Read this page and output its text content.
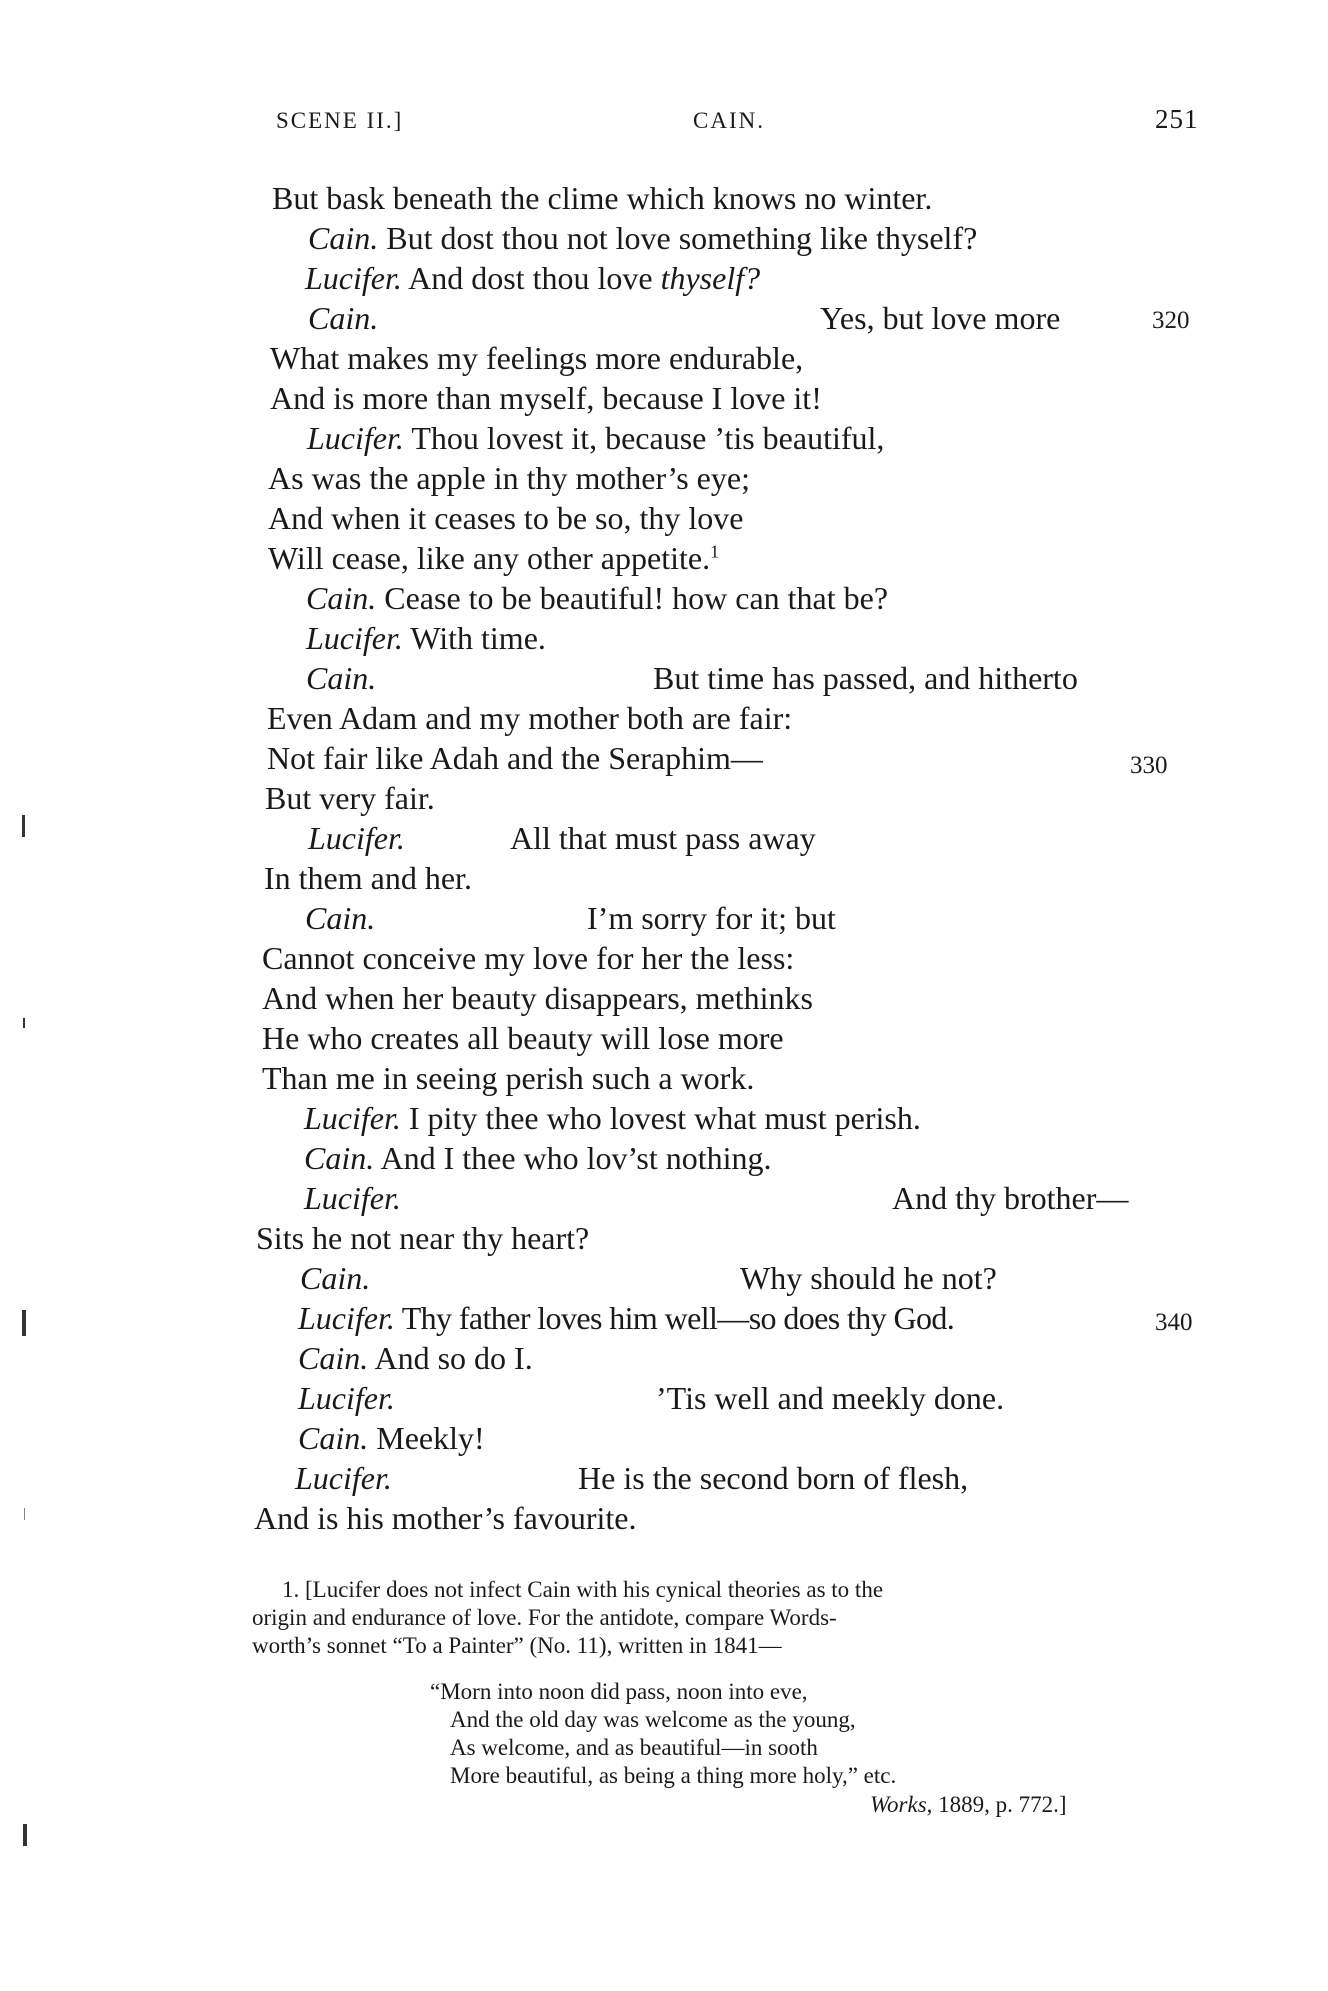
SCENE II.]	CAIN.	251
But bask beneath the clime which knows no winter.
Cain. But dost thou not love something like thyself?
Lucifer. And dost thou love thyself?
Cain.	Yes, but love more	320
What makes my feelings more endurable,
And is more than myself, because I love it!
Lucifer. Thou lovest it, because ’tis beautiful,
As was the apple in thy mother’s eye;
And when it ceases to be so, thy love
Will cease, like any other appetite.$^1$
Cain. Cease to be beautiful! how can that be?
Lucifer. With time.
Cain.	But time has passed, and hitherto
Even Adam and my mother both are fair:
Not fair like Adah and the Seraphim—	330
But very fair.
Lucifer.	All that must pass away
In them and her.
Cain.	I’m sorry for it; but
Cannot conceive my love for her the less:
And when her beauty disappears, methinks
He who creates all beauty will lose more
Than me in seeing perish such a work.
Lucifer. I pity thee who lovest what must perish.
Cain. And I thee who lov’st nothing.
Lucifer.	And thy brother—
Sits he not near thy heart?
Cain.	Why should he not?
Lucifer. Thy father loves him well—so does thy God.	340
Cain. And so do I.
Lucifer.	’Tis well and meekly done.
Cain. Meekly!
Lucifer.	He is the second born of flesh,
And is his mother’s favourite.
1. [Lucifer does not infect Cain with his cynical theories as to the
origin and endurance of love. For the antidote, compare Words-
worth’s sonnet “To a Painter” (No. 11), written in 1841—
“Morn into noon did pass, noon into eve,
And the old day was welcome as the young,
As welcome, and as beautiful—in sooth
More beautiful, as being a thing more holy,” etc.
Works, 1889, p. 772.]
